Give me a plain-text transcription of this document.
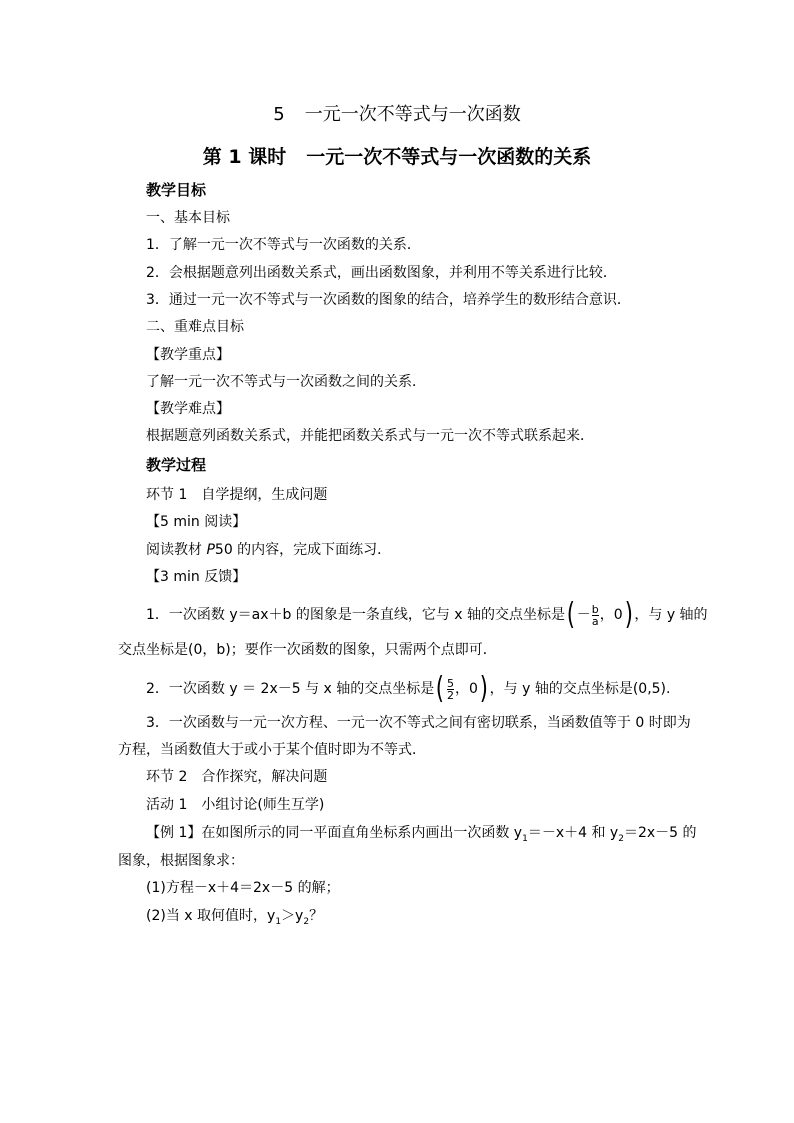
5 一元一次不等式与一次函数
第 1 课时 一元一次不等式与一次函数的关系
教学目标
一、基本目标
1．了解一元一次不等式与一次函数的关系．
2．会根据题意列出函数关系式，画出函数图象，并利用不等关系进行比较．
3．通过一元一次不等式与一次函数的图象的结合，培养学生的数形结合意识．
二、重难点目标
【教学重点】
了解一元一次不等式与一次函数之间的关系．
【教学难点】
根据题意列函数关系式，并能把函数关系式与一元一次不等式联系起来．
教学过程
环节 1　自学提纲，生成问题
【5 min 阅读】
阅读教材 P50 的内容，完成下面练习．
【3 min 反馈】
1．一次函数 y＝ax＋b 的图象是一条直线，它与 x 轴的交点坐标是( $-\frac{b}{a}$ ，0) ，与 y 轴的
交点坐标是(0，b)；要作一次函数的图象，只需两个点即可．
2．一次函数 y ＝ 2x－5 与 x 轴的交点坐标是( $\frac{5}{2}$ ，0) ，与 y 轴的交点坐标是(0,5).
3．一次函数与一元一次方程、一元一次不等式之间有密切联系，当函数值等于 0 时即为
方程，当函数值大于或小于某个值时即为不等式．
环节 2　合作探究，解决问题
活动 1　小组讨论(师生互学)
【例 1】在如图所示的同一平面直角坐标系内画出一次函数 $y_1=-x+4$ 和 $y_2=2x-5$ 的
图象，根据图象求：
(1)方程－x＋4＝2x－5 的解；
(2)当 x 取何值时，$y_1>y_2$？
